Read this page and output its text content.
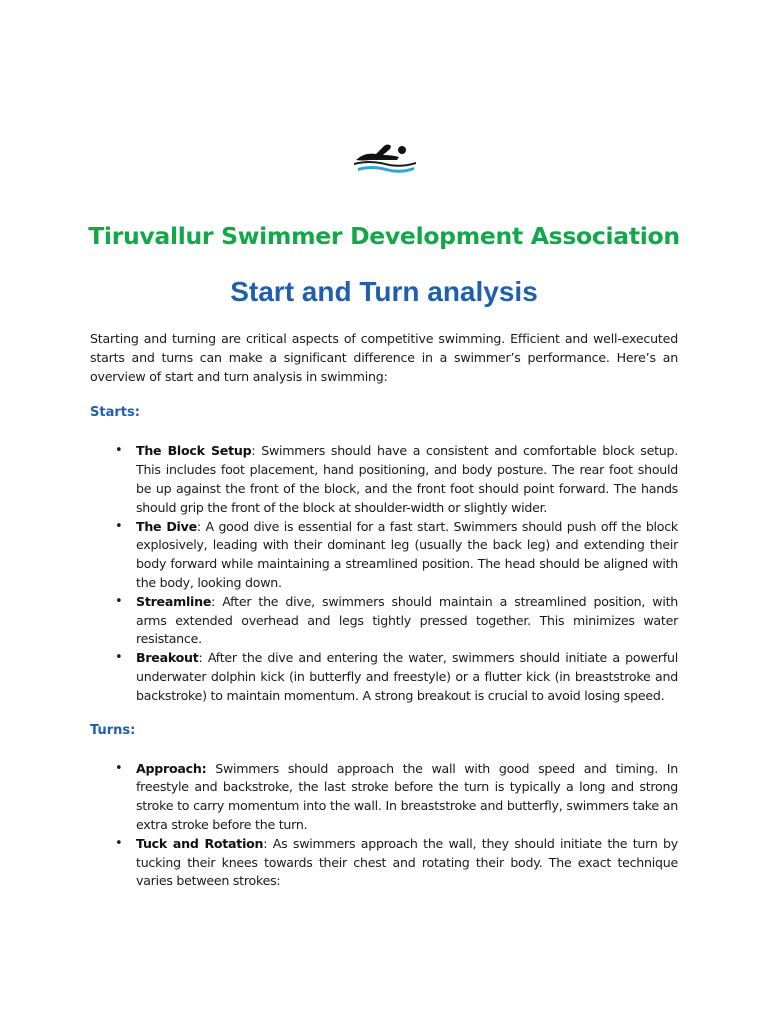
Tiruvallur Swimmer Development Association
Start and Turn analysis

Starting and turning are critical aspects of competitive swimming. Efficient and well-executed starts and turns can make a significant difference in a swimmer’s performance. Here’s an overview of start and turn analysis in swimming:

Starts:

• The Block Setup: Swimmers should have a consistent and comfortable block setup. This includes foot placement, hand positioning, and body posture. The rear foot should be up against the front of the block, and the front foot should point forward. The hands should grip the front of the block at shoulder-width or slightly wider.
• The Dive: A good dive is essential for a fast start. Swimmers should push off the block explosively, leading with their dominant leg (usually the back leg) and extending their body forward while maintaining a streamlined position. The head should be aligned with the body, looking down.
• Streamline: After the dive, swimmers should maintain a streamlined position, with arms extended overhead and legs tightly pressed together. This minimizes water resistance.
• Breakout: After the dive and entering the water, swimmers should initiate a powerful underwater dolphin kick (in butterfly and freestyle) or a flutter kick (in breaststroke and backstroke) to maintain momentum. A strong breakout is crucial to avoid losing speed.

Turns:

• Approach: Swimmers should approach the wall with good speed and timing. In freestyle and backstroke, the last stroke before the turn is typically a long and strong stroke to carry momentum into the wall. In breaststroke and butterfly, swimmers take an extra stroke before the turn.
• Tuck and Rotation: As swimmers approach the wall, they should initiate the turn by tucking their knees towards their chest and rotating their body. The exact technique varies between strokes:
